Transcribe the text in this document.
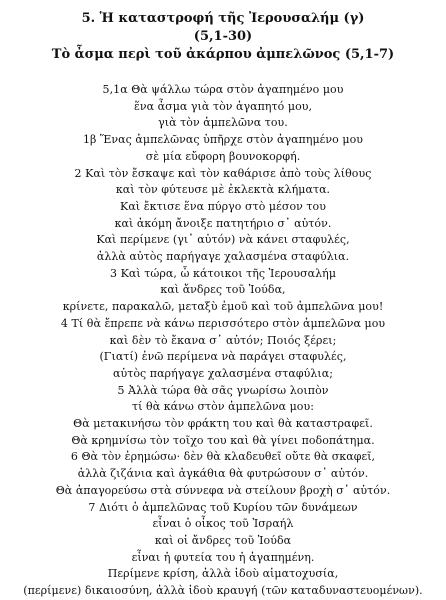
5. Ἡ καταστροφή τῆς Ἰερουσαλήμ (γ)
(5,1-30)
Τὸ ἆσμα περὶ τοῦ ἀκάρπου ἀμπελῶνος (5,1-7)
5,1α Θὰ ψάλλω τώρα στὸν ἀγαπημένο μου
ἕνα ἆσμα γιὰ τὸν ἀγαπητό μου,
γιὰ τὸν ἀμπελῶνα του.
1β Ἕνας ἀμπελῶνας ὑπῆρχε στὸν ἀγαπημένο μου
σὲ μία εὔφορη βουνοκορφή.
2 Καὶ τὸν ἔσκαψε καὶ τὸν καθάρισε ἀπὸ τοὺς λίθους
καὶ τὸν φύτευσε μὲ ἐκλεκτὰ κλήματα.
Καὶ ἔκτισε ἕνα πύργο στὸ μέσον του
καὶ ἀκόμη ἄνοιξε πατητήριο σ᾽ αὐτόν.
Καὶ περίμενε (γι᾽ αὐτόν) νὰ κάνει σταφυλές,
ἀλλὰ αὐτὸς παρήγαγε χαλασμένα σταφύλια.
3 Καὶ τώρα, ὦ κάτοικοι τῆς Ἰερουσαλήμ
καὶ ἄνδρες τοῦ Ἰούδα,
κρίνετε, παρακαλῶ, μεταξὺ ἐμοῦ καὶ τοῦ ἀμπελῶνα μου!
4 Τί θὰ ἔπρεπε νὰ κάνω περισσότερο στὸν ἀμπελῶνα μου
καὶ δὲν τὸ ἔκανα σ᾽ αὐτόν; Ποιός ξέρει;
(Γιατί) ἐνῶ περίμενα νὰ παράγει σταφυλές,
αὐτὸς παρήγαγε χαλασμένα σταφύλια;
5 Ἀλλὰ τώρα θὰ σᾶς γνωρίσω λοιπὸν
τί θὰ κάνω στὸν ἀμπελῶνα μου:
Θὰ μετακινήσω τὸν φράκτη του καὶ θὰ καταστραφεῖ.
Θὰ κρημνίσω τὸν τοῖχο του καὶ θὰ γίνει ποδοπάτημα.
6 Θὰ τὸν ἐρημώσω· δὲν θὰ κλαδευθεῖ οὔτε θὰ σκαφεῖ,
ἀλλὰ ζιζάνια καὶ ἀγκάθια θὰ φυτρώσουν σ᾽ αὐτόν.
Θὰ ἀπαγορεύσω στὰ σύννεφα νὰ στείλουν βροχὴ σ᾽ αὐτόν.
7 Διότι ὁ ἀμπελῶνας τοῦ Κυρίου τῶν δυνάμεων
εἶναι ὁ οἶκος τοῦ Ἰσραήλ
καὶ οἱ ἄνδρες τοῦ Ἰούδα
εἶναι ἡ φυτεία του ἡ ἀγαπημένη.
Περίμενε κρίση, ἀλλὰ ἰδοὺ αἱματοχυσία,
(περίμενε) δικαιοσύνη, ἀλλὰ ἰδοὺ κραυγή (τῶν καταδυναστευομένων).
